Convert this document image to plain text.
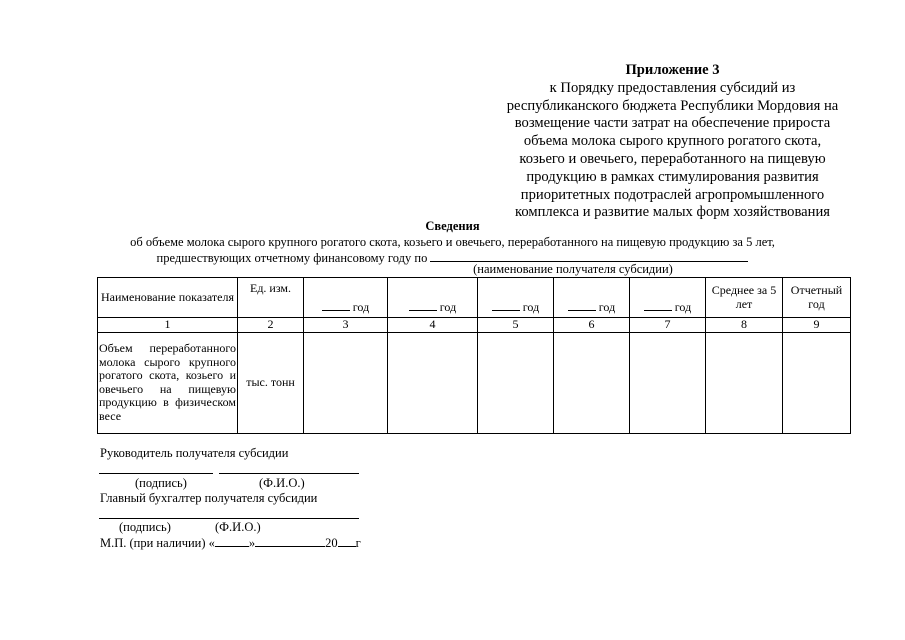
Приложение 3
к Порядку предоставления субсидий из
республиканского бюджета Республики Мордовия на
возмещение части затрат на обеспечение прироста
объема молока сырого крупного рогатого скота,
козьего и овечьего, переработанного на пищевую
продукцию в рамках стимулирования развития
приоритетных подотраслей агропромышленного
комплекса и развитие малых форм хозяйствования
Сведения
об объеме молока сырого крупного рогатого скота, козьего и овечьего, переработанного на пищевую продукцию за 5 лет,
предшествующих отчетному финансовому году по
(наименование получателя субсидии)
Наименование показателя	Ед. изм.	год	год	год	год	год	Среднее за 5 лет	Отчетный год
1	2	3	4	5	6	7	8	9
Объем переработанного молока сырого крупного рогатого скота, козьего и овечьего на пищевую продукцию в физическом весе	тыс. тонн							
Руководитель получателя субсидии
(подпись)	(Ф.И.О.)
Главный бухгалтер получателя субсидии
(подпись)	(Ф.И.О.)
М.П. (при наличии) «	»	20 г
